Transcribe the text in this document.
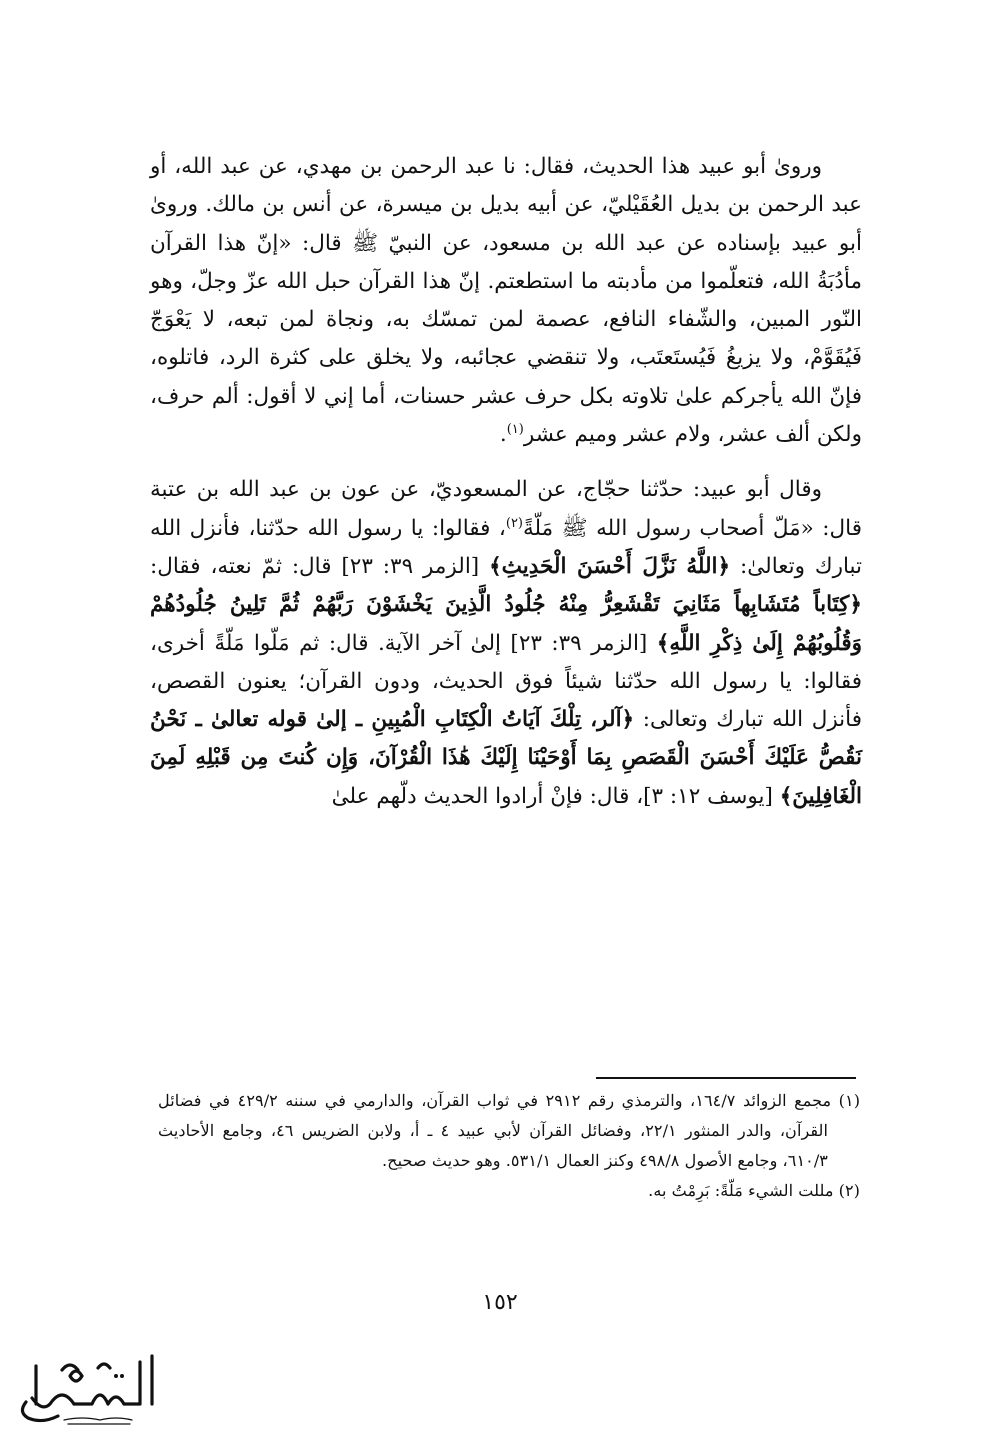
وروىٰ أبو عبيد هذا الحديث، فقال: نا عبد الرحمن بن مهدي، عن عبد الله، أو عبد الرحمن بن بديل العُقَيْليّ، عن أبيه بديل بن ميسرة، عن أنس بن مالك. وروىٰ أبو عبيد بإسناده عن عبد الله بن مسعود، عن النبيّ ﷺ قال: «إنّ هذا القرآن مأدُبَةُ الله، فتعلّموا من مأدبته ما استطعتم. إنّ هذا القرآن حبل الله عزّ وجلّ، وهو النّور المبين، والشّفاء النافع، عصمة لمن تمسّك به، ونجاة لمن تبعه، لا يَعْوَجّ فَيُقَوَّمْ، ولا يزيغُ فَيُستَعتَب، ولا تنقضي عجائبه، ولا يخلق على كثرة الرد، فاتلوه، فإنّ الله يأجركم علىٰ تلاوته بكل حرف عشر حسنات، أما إني لا أقول: ألم حرف، ولكن ألف عشر، ولام عشر وميم عشر$^{(١)}$.

وقال أبو عبيد: حدّثنا حجّاج، عن المسعوديّ، عن عون بن عبد الله بن عتبة قال: «مَلّ أصحاب رسول الله ﷺ مَلّةً$^{(٢)}$، فقالوا: يا رسول الله حدّثنا، فأنزل الله تبارك وتعالىٰ: ﴿اللَّهُ نَزَّلَ أَحْسَنَ الْحَدِيثِ﴾ [الزمر ٣٩: ٢٣] قال: ثمّ نعته، فقال: ﴿كِتَاباً مُتَشَابِهاً مَثَانِيَ تَقْشَعِرُّ مِنْهُ جُلُودُ الَّذِينَ يَخْشَوْنَ رَبَّهُمْ ثُمَّ تَلِينُ جُلُودُهُمْ وَقُلُوبُهُمْ إِلَىٰ ذِكْرِ اللَّهِ﴾ [الزمر ٣٩: ٢٣] إلىٰ آخر الآية. قال: ثم مَلّوا مَلّةً أخرى، فقالوا: يا رسول الله حدّثنا شيئاً فوق الحديث، ودون القرآن؛ يعنون القصص، فأنزل الله تبارك وتعالى: ﴿آلر، تِلْكَ آيَاتُ الْكِتَابِ الْمُبِينِ ـ إلىٰ قوله تعالىٰ ـ نَحْنُ نَقُصُّ عَلَيْكَ أَحْسَنَ الْقَصَصِ بِمَا أَوْحَيْنَا إِلَيْكَ هَٰذَا الْقُرْآنَ، وَإِن كُنتَ مِن قَبْلِهِ لَمِنَ الْغَافِلِينَ﴾ [يوسف ١٢: ٣]، قال: فإنْ أرادوا الحديث دلّهم علىٰ

(١) مجمع الزوائد ١٦٤/٧، والترمذي رقم ٢٩١٢ في ثواب القرآن، والدارمي في سننه ٤٢٩/٢ في فضائل القرآن، والدر المنثور ٢٢/١، وفضائل القرآن لأبي عبيد ٤ ـ أ، ولابن الضريس ٤٦، وجامع الأحاديث ٦١٠/٣، وجامع الأصول ٤٩٨/٨ وكنز العمال ٥٣١/١. وهو حديث صحيح.

(٢) مللت الشيء مَلّةً: بَرِمْتُ به.

١٥٢
